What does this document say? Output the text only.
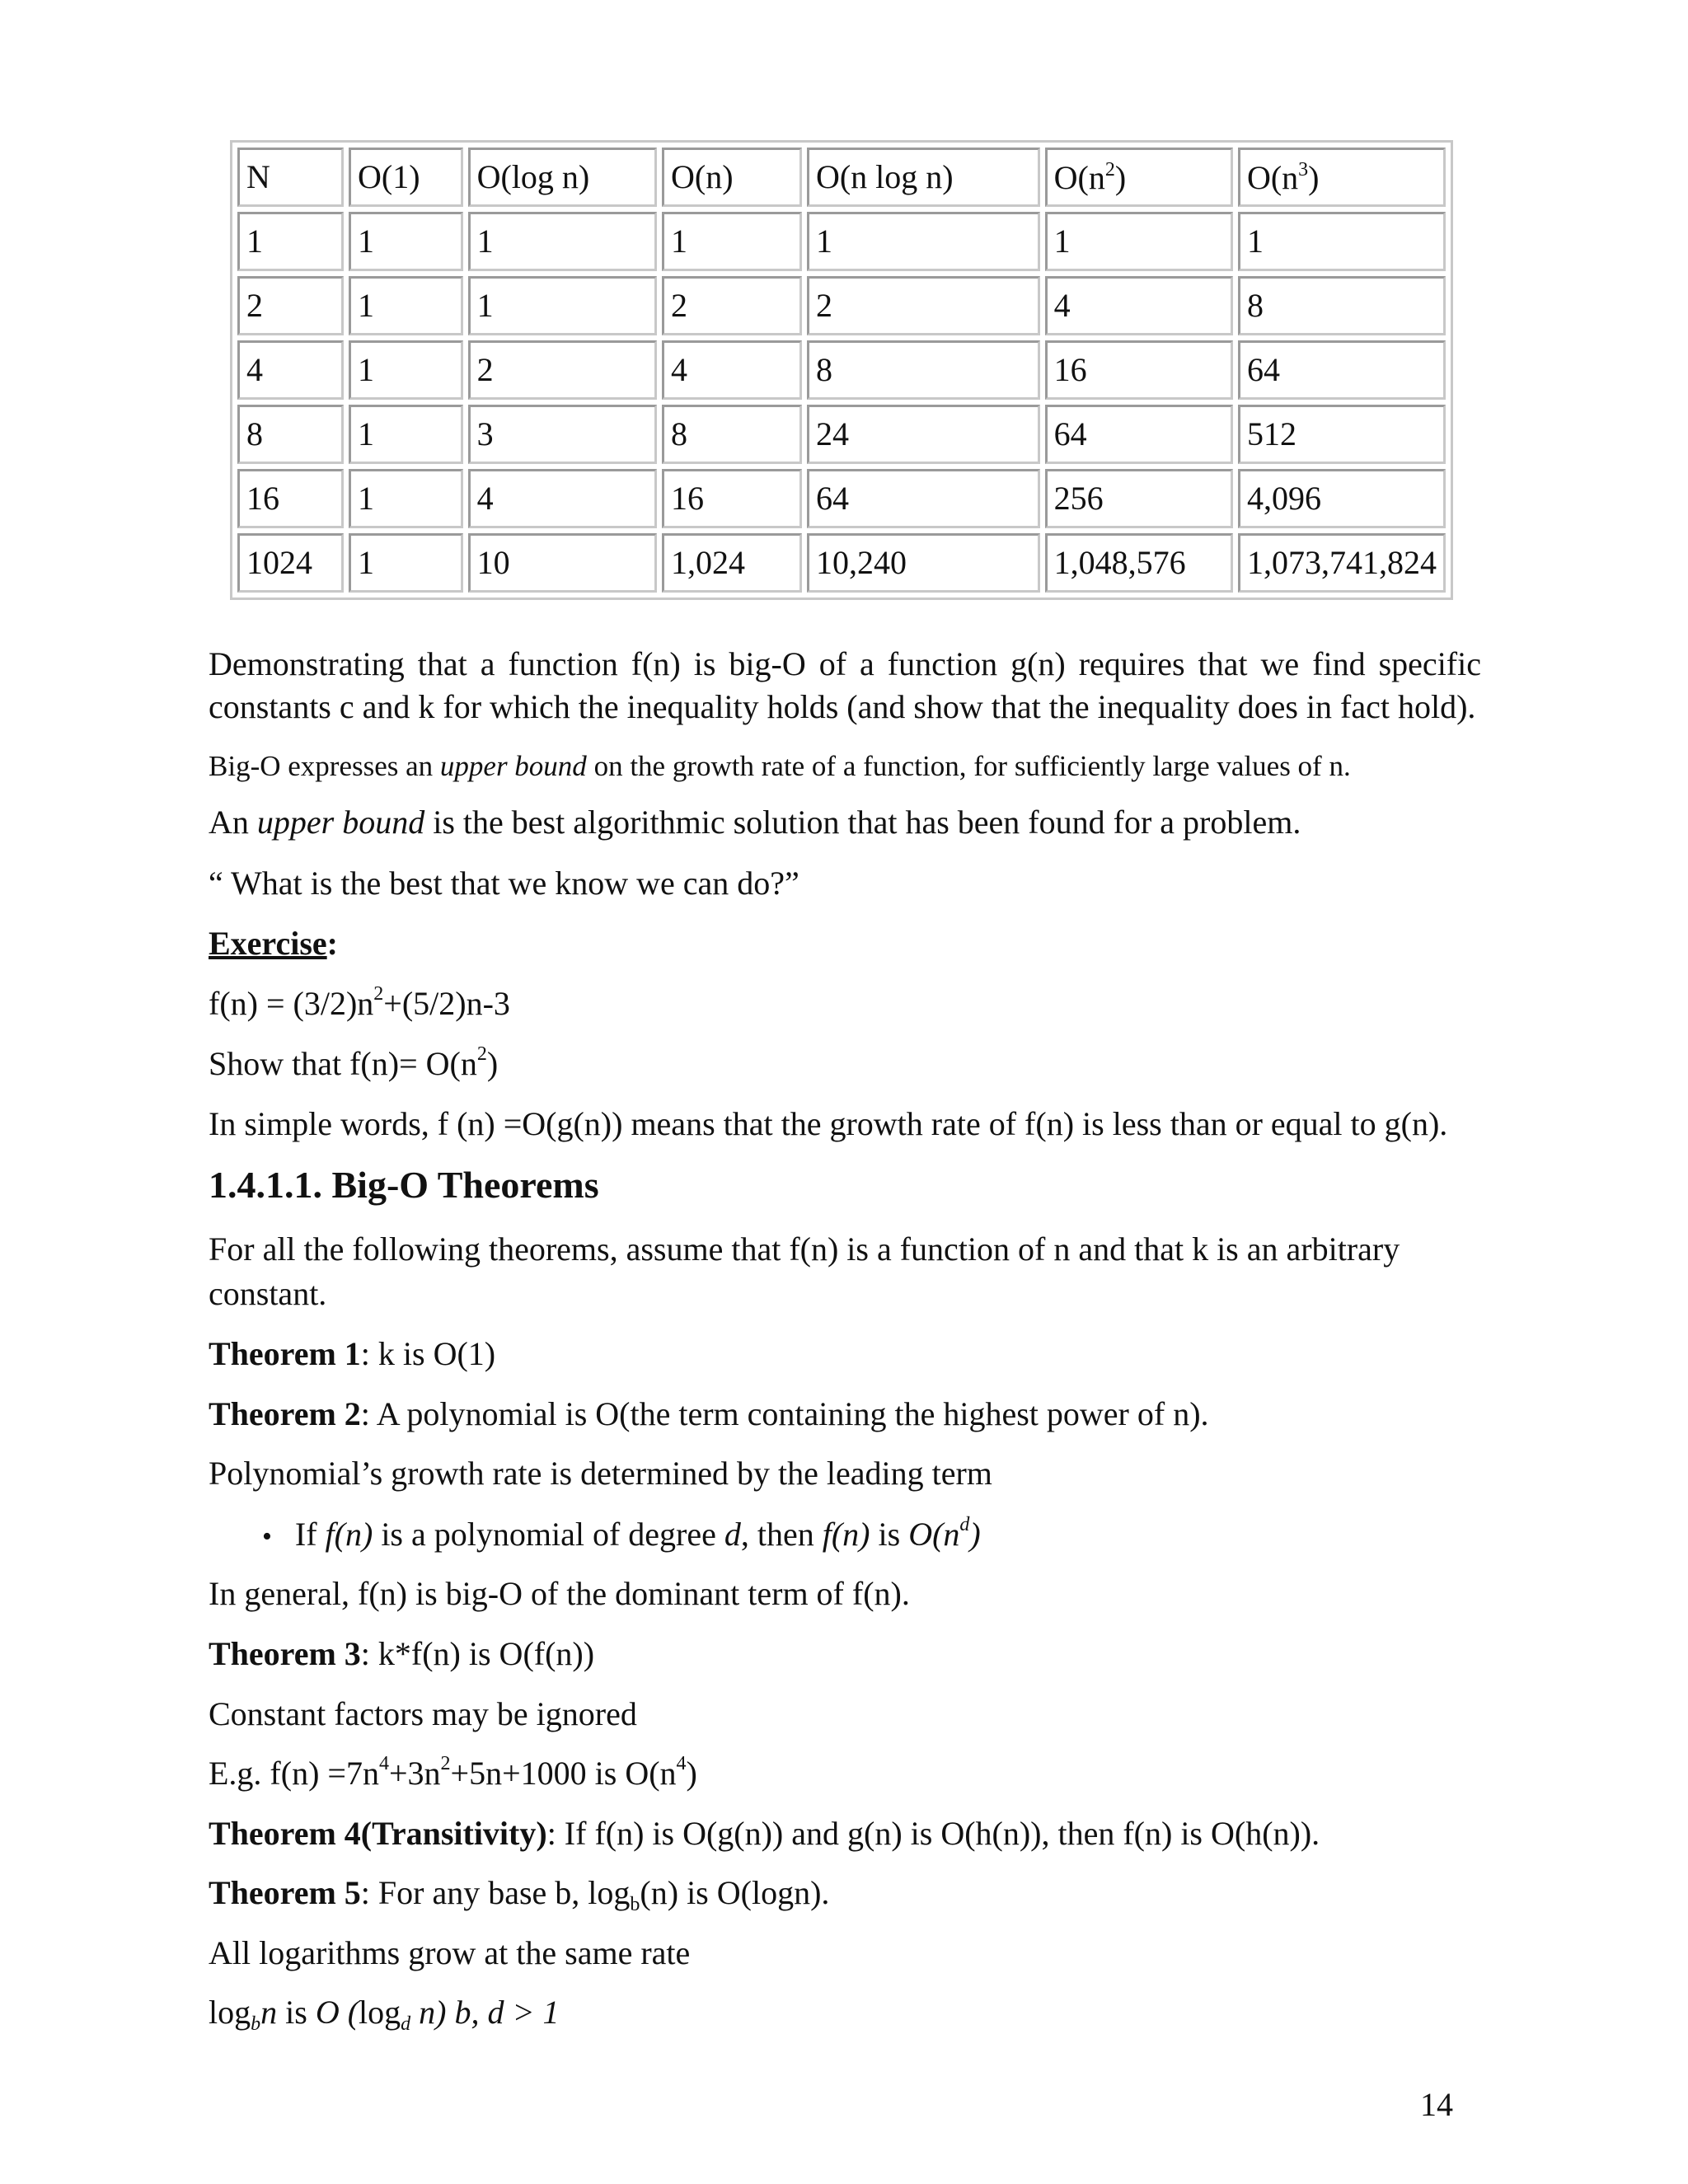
N	O(1)	O(log n)	O(n)	O(n log n)	$O(n^2)$	$O(n^3)$
1	1	1	1	1	1	1
2	1	1	2	2	4	8
4	1	2	4	8	16	64
8	1	3	8	24	64	512
16	1	4	16	64	256	4,096
1024	1	10	1,024	10,240	1,048,576	1,073,741,824
Demonstrating that a function f(n) is big-O of a function g(n) requires that we find specific
constants c and k for which the inequality holds (and show that the inequality does in fact hold).
Big-O expresses an upper bound on the growth rate of a function, for sufficiently large values of n.
An upper bound is the best algorithmic solution that has been found for a problem.
“ What is the best that we know we can do?”
Exercise:
$f(n) = (3/2)n^2+(5/2)n-3$
Show that $f(n)= O(n^2)$
In simple words, f (n) =O(g(n)) means that the growth rate of f(n) is less than or equal to g(n).
1.4.1.1. Big-O Theorems
For all the following theorems, assume that f(n) is a function of n and that k is an arbitrary
constant.
Theorem 1: k is O(1)
Theorem 2: A polynomial is O(the term containing the highest power of n).
Polynomial’s growth rate is determined by the leading term
• If f(n) is a polynomial of degree d, then f(n) is $O(n^d)$
In general, f(n) is big-O of the dominant term of f(n).
Theorem 3: k*f(n) is O(f(n))
Constant factors may be ignored
E.g. $f(n) =7n^4+3n^2+5n+1000$ is $O(n^4)$
Theorem 4(Transitivity): If f(n) is O(g(n)) and g(n) is O(h(n)), then f(n) is O(h(n)).
Theorem 5: For any base b, $\log_b(n)$ is O(logn).
All logarithms grow at the same rate
$\log_bn$ is O ($\log_d$ n) b, d > 1
14
